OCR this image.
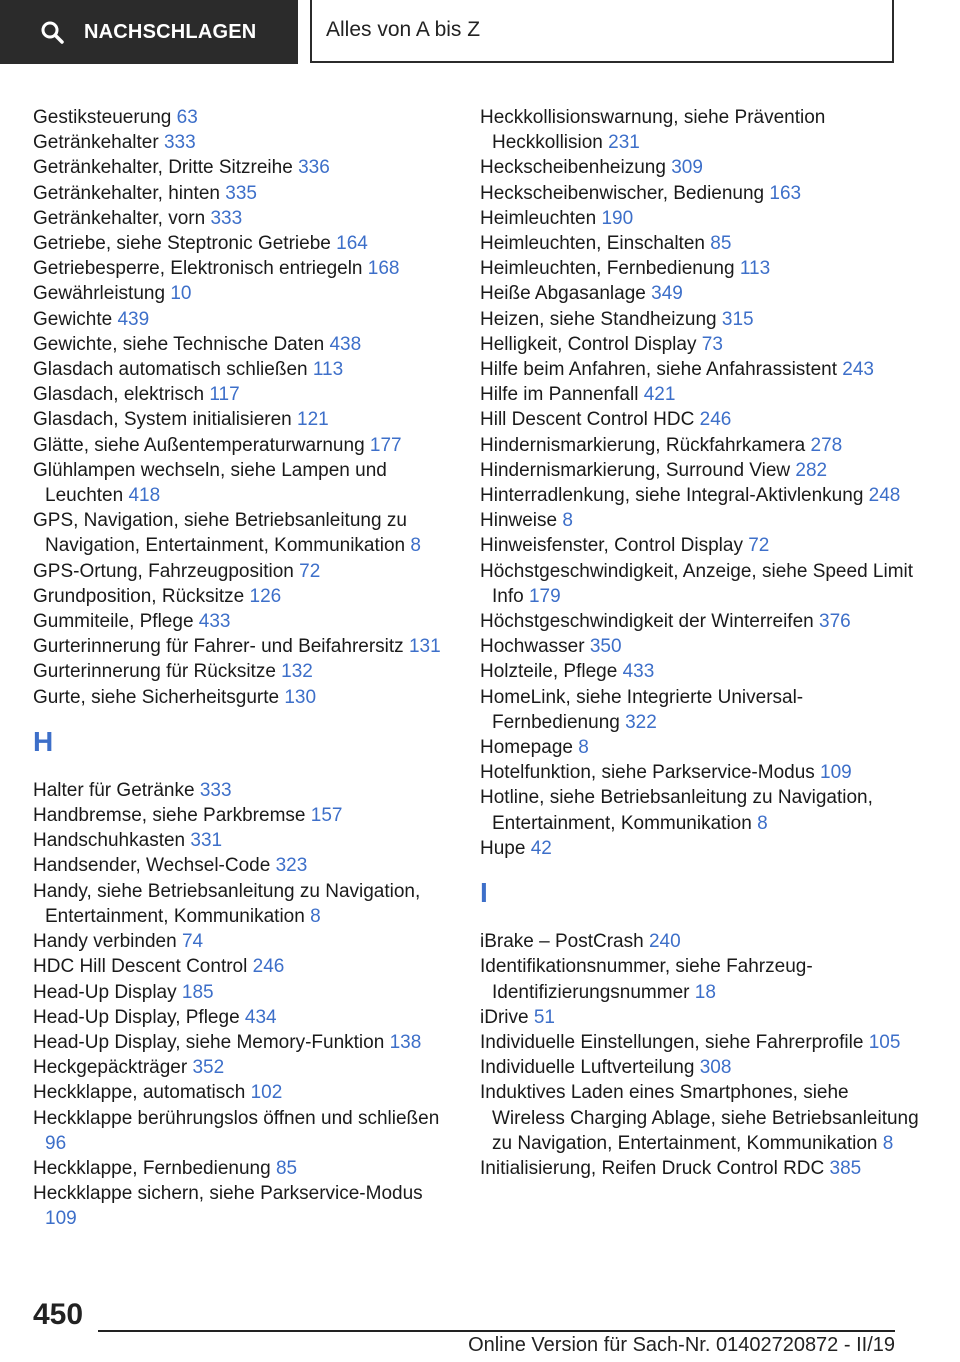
NACHSCHLAGEN	Alles von A bis Z
Gestiksteuerung 63
Getränkehalter 333
Getränkehalter, Dritte Sitzreihe 336
Getränkehalter, hinten 335
Getränkehalter, vorn 333
Getriebe, siehe Steptronic Getriebe 164
Getriebesperre, Elektronisch entriegeln 168
Gewährleistung 10
Gewichte 439
Gewichte, siehe Technische Daten 438
Glasdach automatisch schließen 113
Glasdach, elektrisch 117
Glasdach, System initialisieren 121
Glätte, siehe Außentemperaturwarnung 177
Glühlampen wechseln, siehe Lampen und Leuchten 418
GPS, Navigation, siehe Betriebsanleitung zu Navigation, Entertainment, Kommunikation 8
GPS-Ortung, Fahrzeugposition 72
Grundposition, Rücksitze 126
Gummiteile, Pflege 433
Gurterinnerung für Fahrer- und Beifahrersitz 131
Gurterinnerung für Rücksitze 132
Gurte, siehe Sicherheitsgurte 130
H
Halter für Getränke 333
Handbremse, siehe Parkbremse 157
Handschuhkasten 331
Handsender, Wechsel-Code 323
Handy, siehe Betriebsanleitung zu Navigation, Entertainment, Kommunikation 8
Handy verbinden 74
HDC Hill Descent Control 246
Head-Up Display 185
Head-Up Display, Pflege 434
Head-Up Display, siehe Memory-Funktion 138
Heckgepäckträger 352
Heckklappe, automatisch 102
Heckklappe berührungslos öffnen und schließen 96
Heckklappe, Fernbedienung 85
Heckklappe sichern, siehe Parkservice-Modus 109
Heckkollisionswarnung, siehe Prävention Heckkollision 231
Heckscheibenheizung 309
Heckscheibenwischer, Bedienung 163
Heimleuchten 190
Heimleuchten, Einschalten 85
Heimleuchten, Fernbedienung 113
Heiße Abgasanlage 349
Heizen, siehe Standheizung 315
Helligkeit, Control Display 73
Hilfe beim Anfahren, siehe Anfahrassistent 243
Hilfe im Pannenfall 421
Hill Descent Control HDC 246
Hindernismarkierung, Rückfahrkamera 278
Hindernismarkierung, Surround View 282
Hinterradlenkung, siehe Integral-Aktivlenkung 248
Hinweise 8
Hinweisfenster, Control Display 72
Höchstgeschwindigkeit, Anzeige, siehe Speed Limit Info 179
Höchstgeschwindigkeit der Winterreifen 376
Hochwasser 350
Holzteile, Pflege 433
HomeLink, siehe Integrierte Universal-Fernbedienung 322
Homepage 8
Hotelfunktion, siehe Parkservice-Modus 109
Hotline, siehe Betriebsanleitung zu Navigation, Entertainment, Kommunikation 8
Hupe 42
I
iBrake – PostCrash 240
Identifikationsnummer, siehe Fahrzeug-Identifizierungsnummer 18
iDrive 51
Individuelle Einstellungen, siehe Fahrerprofile 105
Individuelle Luftverteilung 308
Induktives Laden eines Smartphones, siehe Wireless Charging Ablage, siehe Betriebsanleitung zu Navigation, Entertainment, Kommunikation 8
Initialisierung, Reifen Druck Control RDC 385
450
Online Version für Sach-Nr. 01402720872 - II/19
